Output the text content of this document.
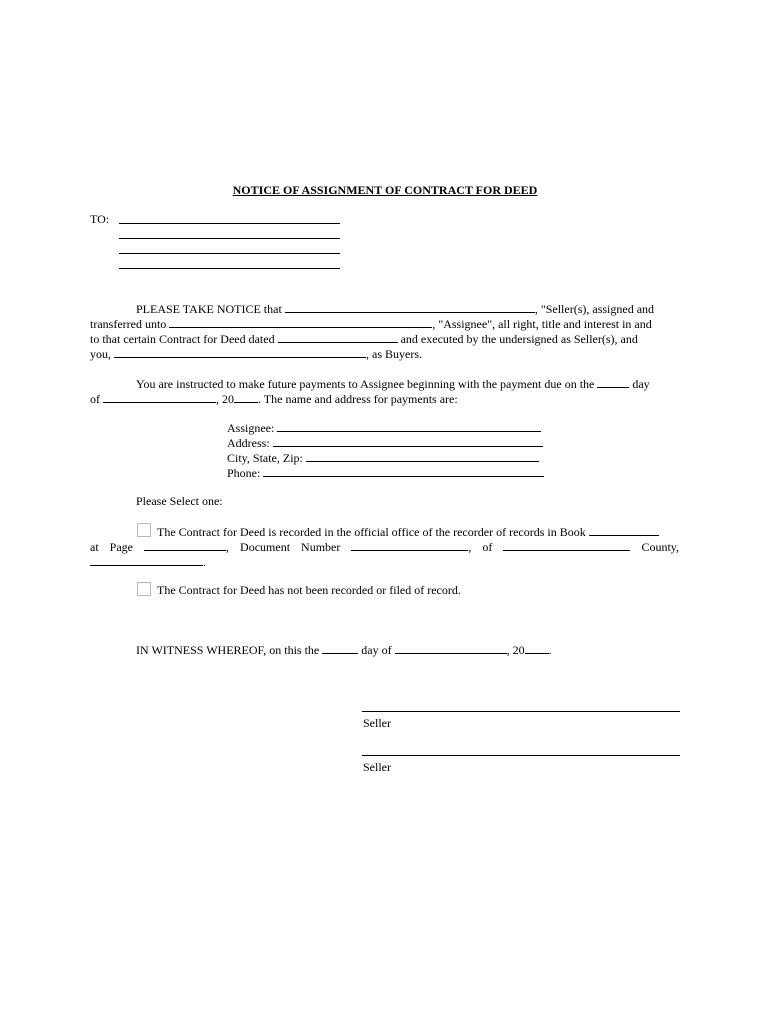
NOTICE OF ASSIGNMENT OF CONTRACT FOR DEED
TO:
PLEASE TAKE NOTICE that	, "Seller(s), assigned and
transferred unto	, "Assignee", all right, title and interest in and
to that certain Contract for Deed dated	and executed by the undersigned as Seller(s), and
you,	, as Buyers.
You are instructed to make future payments to Assignee beginning with the payment due on the	day
of	, 20 . The name and address for payments are:
Assignee:
Address:
City, State, Zip:
Phone:
Please Select one:
The Contract for Deed is recorded in the official office of the recorder of records in Book
at Page	, Document Number	, of	County,
.
The Contract for Deed has not been recorded or filed of record.
IN WITNESS WHEREOF, on this the	day of	, 20 .
Seller
Seller
